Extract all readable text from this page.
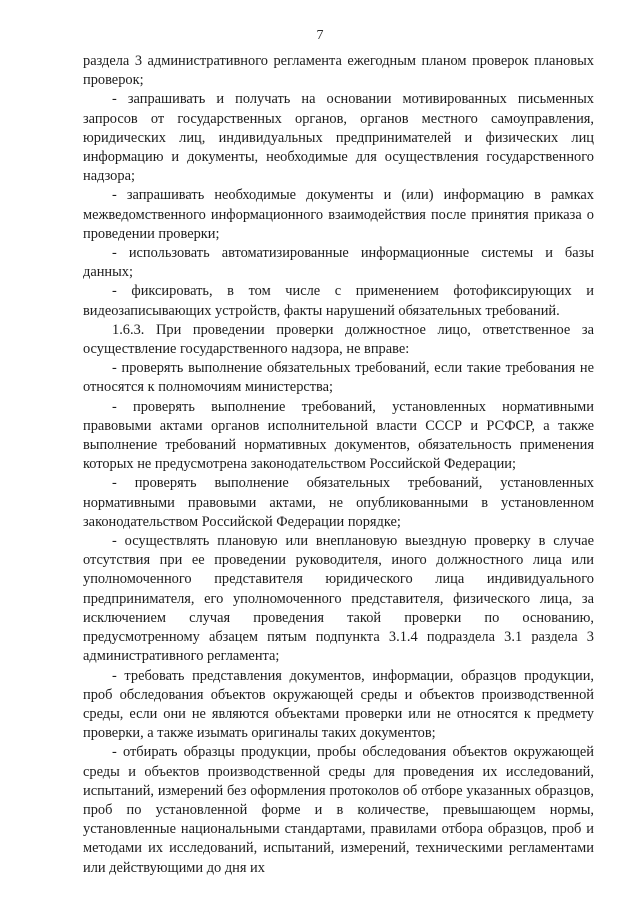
7

раздела 3 административного регламента ежегодным планом проверок плановых проверок;

- запрашивать и получать на основании мотивированных письменных запросов от государственных органов, органов местного самоуправления, юридических лиц, индивидуальных предпринимателей и физических лиц информацию и документы, необходимые для осуществления государственного надзора;

- запрашивать необходимые документы и (или) информацию в рамках межведомственного информационного взаимодействия после принятия приказа о проведении проверки;

- использовать автоматизированные информационные системы и базы данных;

- фиксировать, в том числе с применением фотофиксирующих и видеозаписывающих устройств, факты нарушений обязательных требований.

1.6.3. При проведении проверки должностное лицо, ответственное за осуществление государственного надзора, не вправе:

- проверять выполнение обязательных требований, если такие требования не относятся к полномочиям министерства;

- проверять выполнение требований, установленных нормативными правовыми актами органов исполнительной власти СССР и РСФСР, а также выполнение требований нормативных документов, обязательность применения которых не предусмотрена законодательством Российской Федерации;

- проверять выполнение обязательных требований, установленных нормативными правовыми актами, не опубликованными в установленном законодательством Российской Федерации порядке;

- осуществлять плановую или внеплановую выездную проверку в случае отсутствия при ее проведении руководителя, иного должностного лица или уполномоченного представителя юридического лица индивидуального предпринимателя, его уполномоченного представителя, физического лица, за исключением случая проведения такой проверки по основанию, предусмотренному абзацем пятым подпункта 3.1.4 подраздела 3.1 раздела 3 административного регламента;

- требовать представления документов, информации, образцов продукции, проб обследования объектов окружающей среды и объектов производственной среды, если они не являются объектами проверки или не относятся к предмету проверки, а также изымать оригиналы таких документов;

- отбирать образцы продукции, пробы обследования объектов окружающей среды и объектов производственной среды для проведения их исследований, испытаний, измерений без оформления протоколов об отборе указанных образцов, проб по установленной форме и в количестве, превышающем нормы, установленные национальными стандартами, правилами отбора образцов, проб и методами их исследований, испытаний, измерений, техническими регламентами или действующими до дня их
